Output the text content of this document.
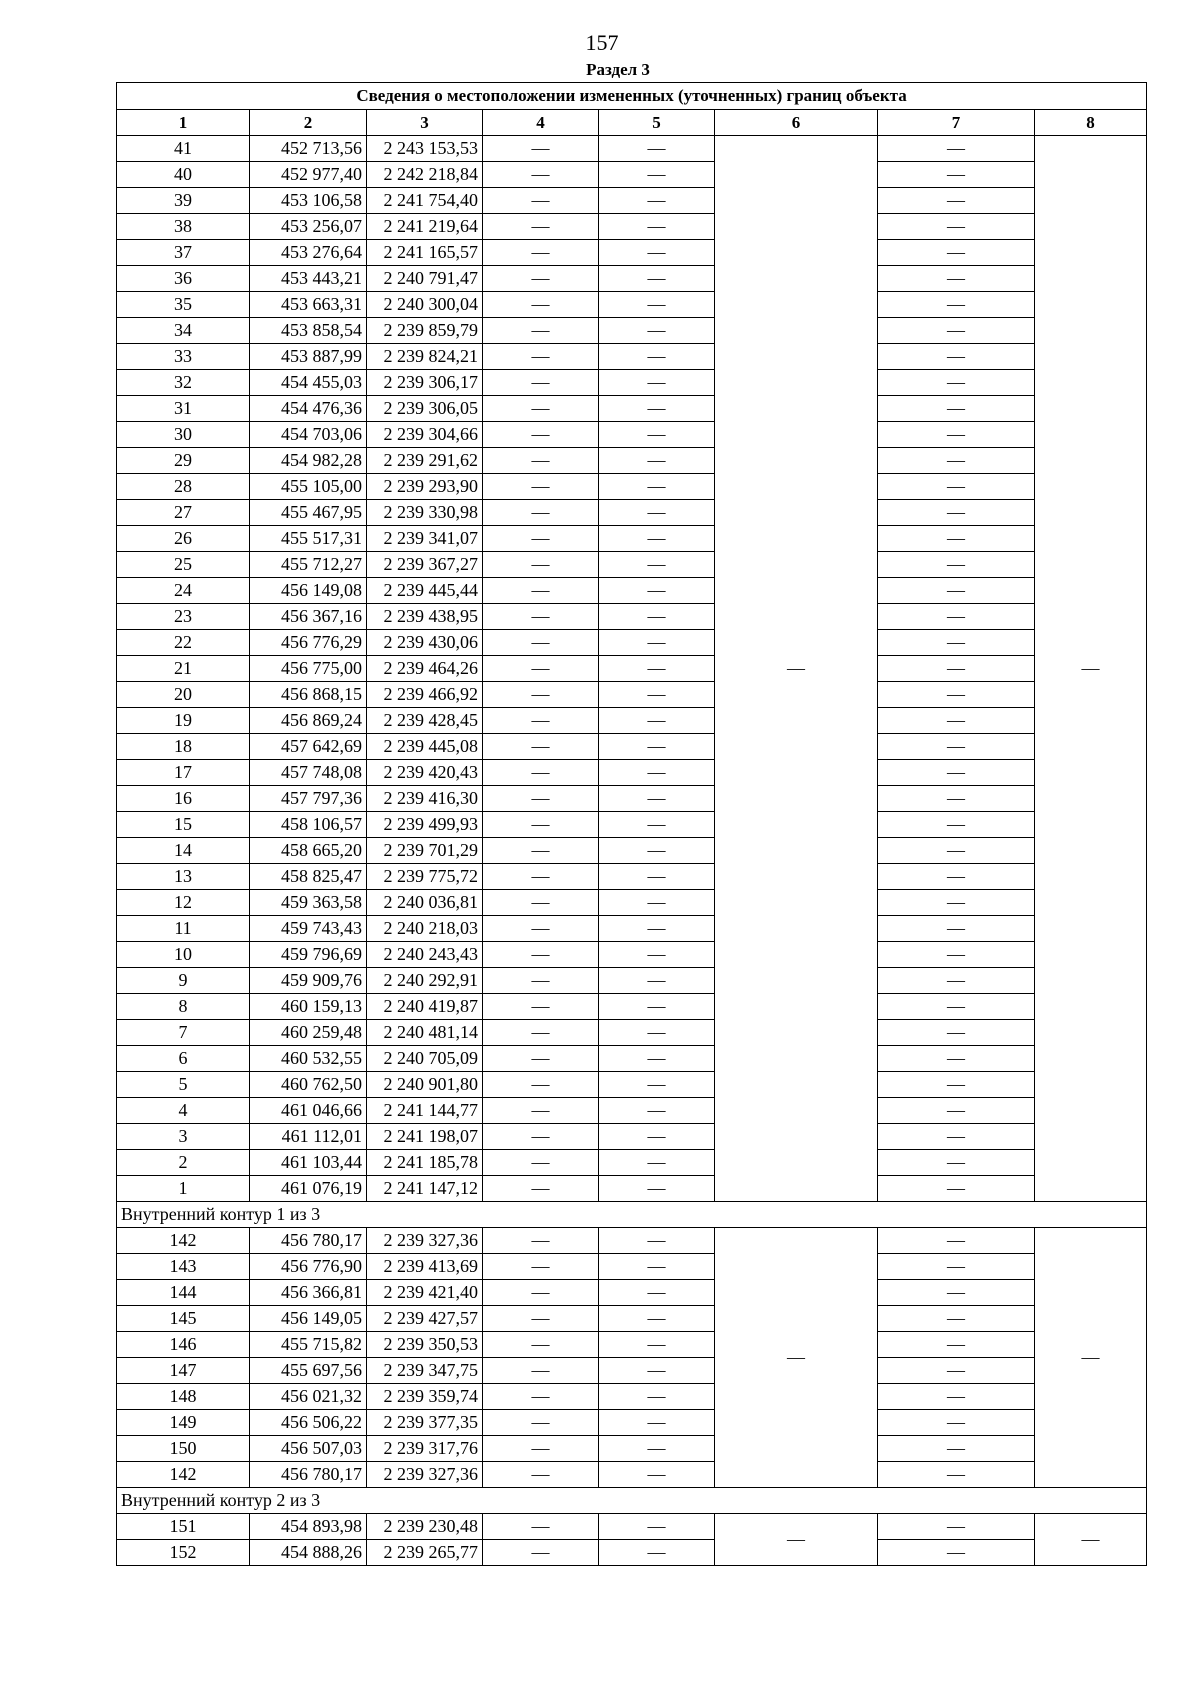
157
Раздел 3
Сведения о местоположении измененных (уточненных) границ объекта							
1	2	3	4	5	6	7	8
41	452 713,56	2 243 153,53	—	—	—	—	—
40	452 977,40	2 242 218,84	—	—		—	
39	453 106,58	2 241 754,40	—	—		—	
38	453 256,07	2 241 219,64	—	—		—	
37	453 276,64	2 241 165,57	—	—		—	
36	453 443,21	2 240 791,47	—	—		—	
35	453 663,31	2 240 300,04	—	—		—	
34	453 858,54	2 239 859,79	—	—		—	
33	453 887,99	2 239 824,21	—	—		—	
32	454 455,03	2 239 306,17	—	—		—	
31	454 476,36	2 239 306,05	—	—		—	
30	454 703,06	2 239 304,66	—	—		—	
29	454 982,28	2 239 291,62	—	—		—	
28	455 105,00	2 239 293,90	—	—		—	
27	455 467,95	2 239 330,98	—	—		—	
26	455 517,31	2 239 341,07	—	—		—	
25	455 712,27	2 239 367,27	—	—		—	
24	456 149,08	2 239 445,44	—	—		—	
23	456 367,16	2 239 438,95	—	—		—	
22	456 776,29	2 239 430,06	—	—		—	
21	456 775,00	2 239 464,26	—	—		—	
20	456 868,15	2 239 466,92	—	—		—	
19	456 869,24	2 239 428,45	—	—		—	
18	457 642,69	2 239 445,08	—	—		—	
17	457 748,08	2 239 420,43	—	—		—	
16	457 797,36	2 239 416,30	—	—		—	
15	458 106,57	2 239 499,93	—	—		—	
14	458 665,20	2 239 701,29	—	—		—	
13	458 825,47	2 239 775,72	—	—		—	
12	459 363,58	2 240 036,81	—	—		—	
11	459 743,43	2 240 218,03	—	—		—	
10	459 796,69	2 240 243,43	—	—		—	
9	459 909,76	2 240 292,91	—	—		—	
8	460 159,13	2 240 419,87	—	—		—	
7	460 259,48	2 240 481,14	—	—		—	
6	460 532,55	2 240 705,09	—	—		—	
5	460 762,50	2 240 901,80	—	—		—	
4	461 046,66	2 241 144,77	—	—		—	
3	461 112,01	2 241 198,07	—	—		—	
2	461 103,44	2 241 185,78	—	—		—	
1	461 076,19	2 241 147,12	—	—		—	
Внутренний контур 1 из 3							
142	456 780,17	2 239 327,36	—	—	—	—	—
143	456 776,90	2 239 413,69	—	—		—	
144	456 366,81	2 239 421,40	—	—		—	
145	456 149,05	2 239 427,57	—	—		—	
146	455 715,82	2 239 350,53	—	—		—	
147	455 697,56	2 239 347,75	—	—		—	
148	456 021,32	2 239 359,74	—	—		—	
149	456 506,22	2 239 377,35	—	—		—	
150	456 507,03	2 239 317,76	—	—		—	
142	456 780,17	2 239 327,36	—	—		—	
Внутренний контур 2 из 3							
151	454 893,98	2 239 230,48	—	—	—	—	—
152	454 888,26	2 239 265,77	—	—		—	
